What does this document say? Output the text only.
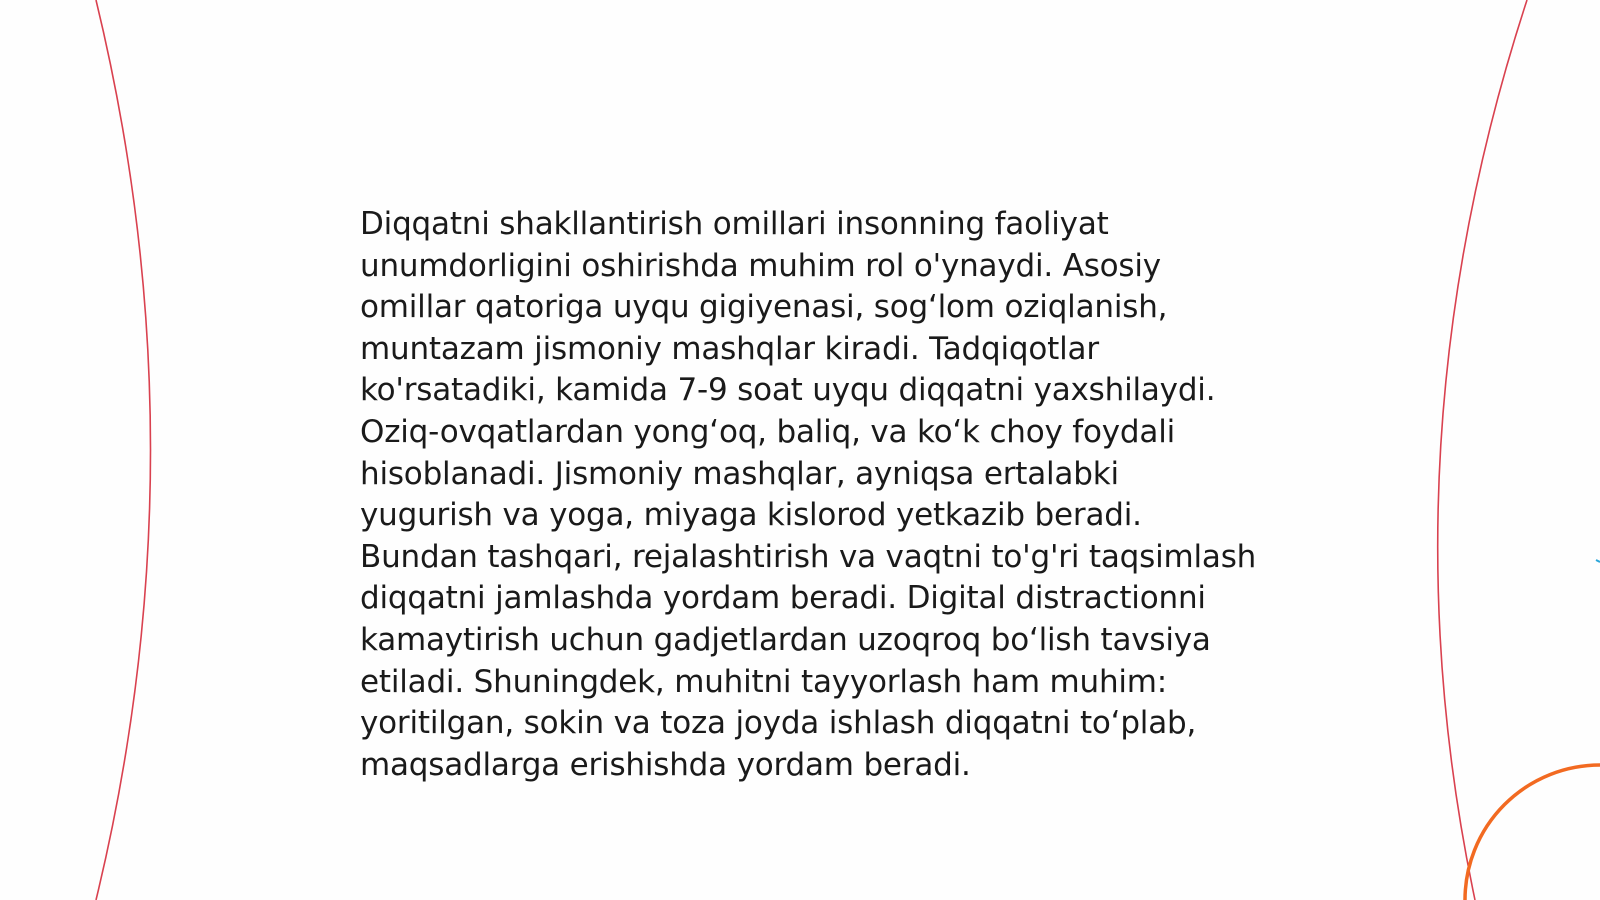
Diqqatni shakllantirish omillari insonning faoliyat unumdorligini oshirishda muhim rol o'ynaydi. Asosiy omillar qatoriga uyqu gigiyenasi, sog‘lom oziqlanish, muntazam jismoniy mashqlar kiradi. Tadqiqotlar ko'rsatadiki, kamida 7-9 soat uyqu diqqatni yaxshilaydi. Oziq-ovqatlardan yong‘oq, baliq, va ko‘k choy foydali hisoblanadi. Jismoniy mashqlar, ayniqsa ertalabki yugurish va yoga, miyaga kislorod yetkazib beradi. Bundan tashqari, rejalashtirish va vaqtni to'g'ri taqsimlash diqqatni jamlashda yordam beradi. Digital distractionni kamaytirish uchun gadjetlardan uzoqroq bo‘lish tavsiya etiladi. Shuningdek, muhitni tayyorlash ham muhim: yoritilgan, sokin va toza joyda ishlash diqqatni to‘plab, maqsadlarga erishishda yordam beradi.
